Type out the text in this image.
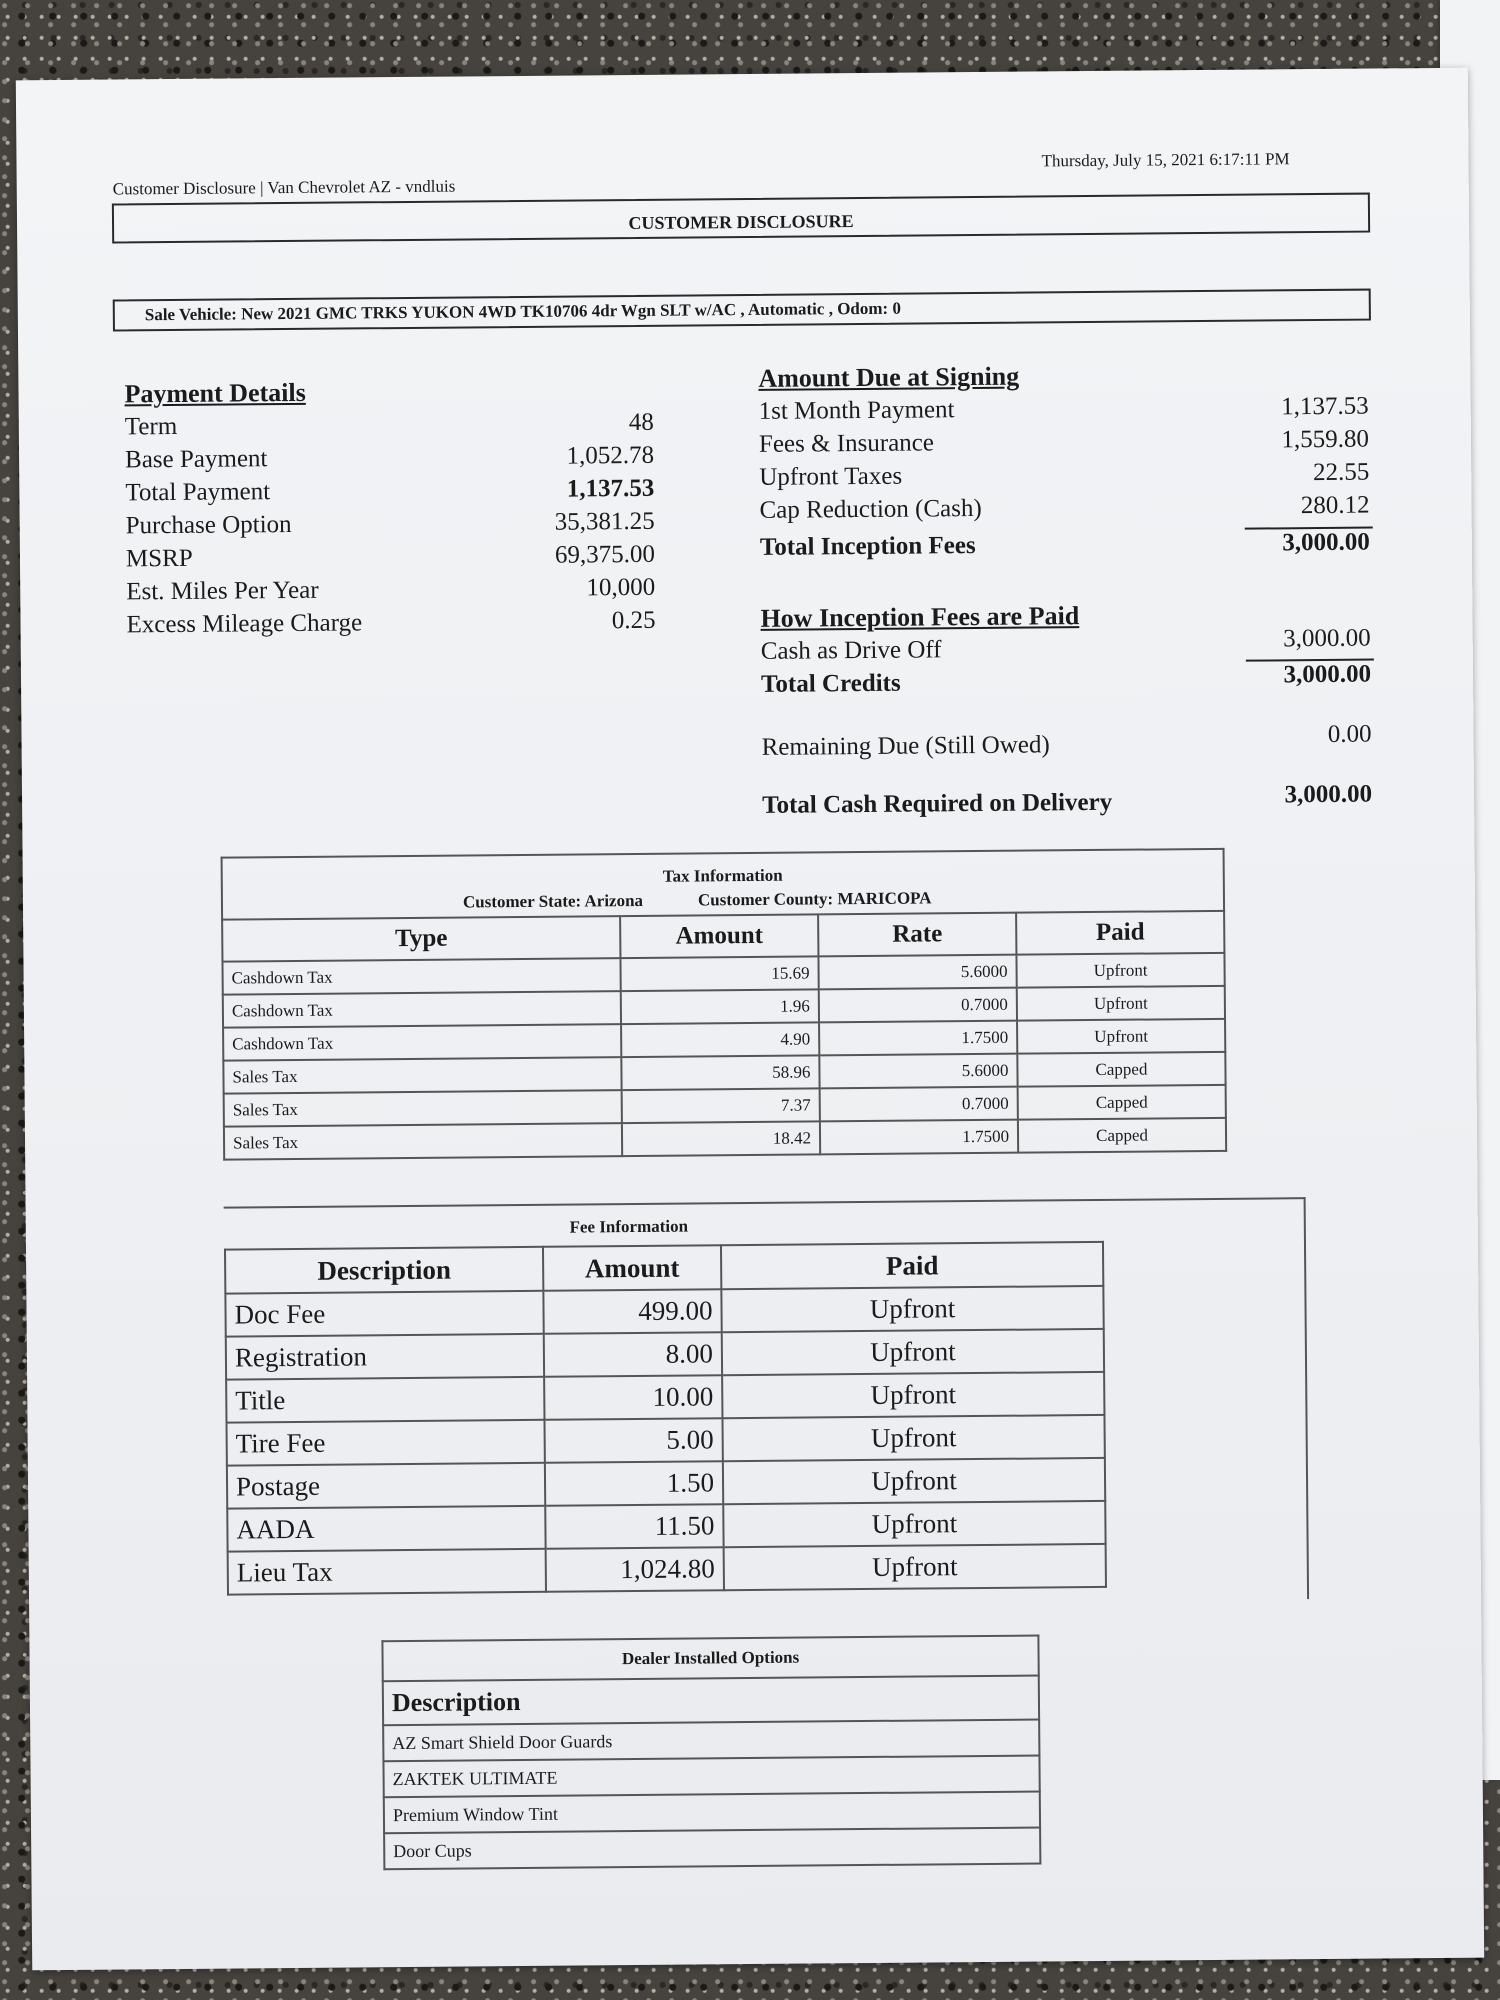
Customer Disclosure | Van Chevrolet AZ - vndluis
Thursday, July 15, 2021 6:17:11 PM
CUSTOMER DISCLOSURE
Sale Vehicle: New 2021 GMC TRKS YUKON 4WD TK10706 4dr Wgn SLT w/AC , Automatic , Odom: 0
Payment Details
Term	48
Base Payment	1,052.78
Total Payment	1,137.53
Purchase Option	35,381.25
MSRP	69,375.00
Est. Miles Per Year	10,000
Excess Mileage Charge	0.25
Amount Due at Signing
1st Month Payment	1,137.53
Fees & Insurance	1,559.80
Upfront Taxes	22.55
Cap Reduction (Cash)	280.12
Total Inception Fees	3,000.00
How Inception Fees are Paid
Cash as Drive Off	3,000.00
Total Credits	3,000.00
Remaining Due (Still Owed)	0.00
Total Cash Required on Delivery	3,000.00
Tax Information
Customer State: Arizona	Customer County: MARICOPA
Type	Amount	Rate	Paid
Cashdown Tax	15.69	5.6000	Upfront
Cashdown Tax	1.96	0.7000	Upfront
Cashdown Tax	4.90	1.7500	Upfront
Sales Tax	58.96	5.6000	Capped
Sales Tax	7.37	0.7000	Capped
Sales Tax	18.42	1.7500	Capped
Fee Information
Description	Amount	Paid
Doc Fee	499.00	Upfront
Registration	8.00	Upfront
Title	10.00	Upfront
Tire Fee	5.00	Upfront
Postage	1.50	Upfront
AADA	11.50	Upfront
Lieu Tax	1,024.80	Upfront
Dealer Installed Options
Description
AZ Smart Shield Door Guards
ZAKTEK ULTIMATE
Premium Window Tint
Door Cups
